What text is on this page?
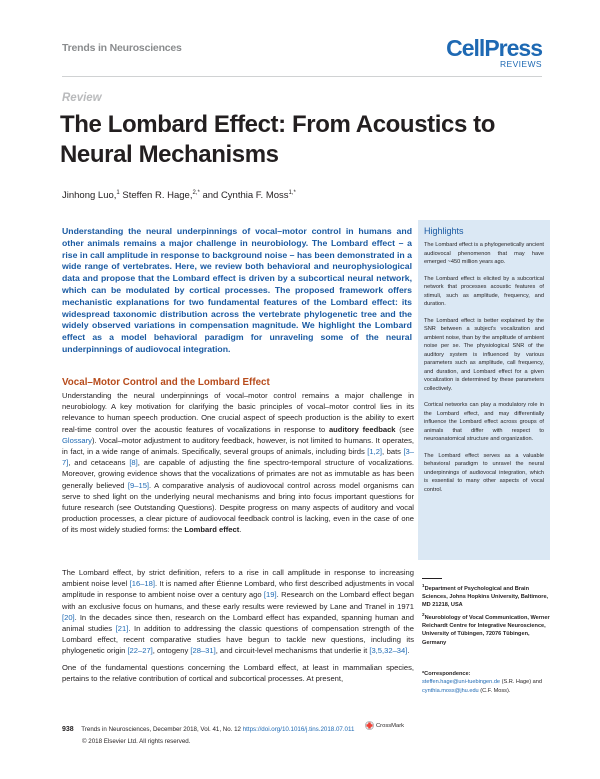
Trends in Neurosciences	CellPress
REVIEWS
Review
The Lombard Effect: From Acoustics to Neural Mechanisms
Jinhong Luo,$^1$ Steffen R. Hage,$^{2,*}$ and Cynthia F. Moss$^{1,*}$

Understanding the neural underpinnings of vocal–motor control in humans and other animals remains a major challenge in neurobiology. The Lombard effect – a rise in call amplitude in response to background noise – has been demonstrated in a wide range of vertebrates. Here, we review both behavioral and neurophysiological data and propose that the Lombard effect is driven by a subcortical neural network, which can be modulated by cortical processes. The proposed framework offers mechanistic explanations for two fundamental features of the Lombard effect: its widespread taxonomic distribution across the vertebrate phylogenetic tree and the widely observed variations in compensation magnitude. We highlight the Lombard effect as a model behavioral paradigm for unraveling some of the neural underpinnings of audiovocal integration.

Vocal–Motor Control and the Lombard Effect

Understanding the neural underpinnings of vocal–motor control remains a major challenge in neurobiology. A key motivation for clarifying the basic principles of vocal–motor control lies in its relevance to human speech production. One crucial aspect of speech production is the ability to exert real-time control over the acoustic features of vocalizations in response to auditory feedback (see Glossary). Vocal–motor adjustment to auditory feedback, however, is not limited to humans. It operates, in fact, in a wide range of animals. Specifically, several groups of animals, including birds [1,2], bats [3–7], and cetaceans [8], are capable of adjusting the fine spectro-temporal structure of vocalizations. Moreover, growing evidence shows that the vocalizations of primates are not as immutable as has been generally believed [9–15]. A comparative analysis of audiovocal control across model organisms can serve to shed light on the underlying neural mechanisms and bring into focus important questions for future research (see Outstanding Questions). Despite progress on many aspects of auditory and vocal production processes, a clear picture of audiovocal feedback control is lacking, even in the case of one of its most widely studied forms: the Lombard effect.

The Lombard effect, by strict definition, refers to a rise in call amplitude in response to increasing ambient noise level [16–18]. It is named after Étienne Lombard, who first described adjustments in vocal amplitude in response to ambient noise over a century ago [19]. Research on the Lombard effect began with an exclusive focus on humans, and these early results were reviewed by Lane and Tranel in 1971 [20]. In the decades since then, research on the Lombard effect has expanded, spanning human and animal studies [21]. In addition to addressing the classic questions of compensation strength of the Lombard effect, recent comparative studies have begun to tackle new questions, including its phylogenetic origin [22–27], ontogeny [28–31], and circuit-level mechanisms that underlie it [3,5,32–34].

One of the fundamental questions concerning the Lombard effect, at least in mammalian species, pertains to the relative contribution of cortical and subcortical processes. At present,

Highlights

The Lombard effect is a phylogenetically ancient audiovocal phenomenon that may have emerged ~450 million years ago.

The Lombard effect is elicited by a subcortical network that processes acoustic features of stimuli, such as amplitude, frequency, and duration.

The Lombard effect is better explained by the SNR between a subject's vocalization and ambient noise, than by the amplitude of ambient noise per se. The physiological SNR of the auditory system is influenced by various parameters such as amplitude, call frequency, and duration, and Lombard effect for a given vocalization is determined by these parameters collectively.

Cortical networks can play a modulatory role in the Lombard effect, and may differentially influence the Lombard effect across groups of animals that differ with respect to neuroanatomical structure and organization.

The Lombard effect serves as a valuable behavioral paradigm to unravel the neural underpinnings of audiovocal integration, which is essential to many other aspects of vocal control.

$^1$Department of Psychological and Brain Sciences, Johns Hopkins University, Baltimore, MD 21218, USA

$^2$Neurobiology of Vocal Communication, Werner Reichardt Centre for Integrative Neuroscience, University of Tübingen, 72076 Tübingen, Germany

*Correspondence:
steffen.hage@uni-tuebingen.de (S.R. Hage) and
cynthia.moss@jhu.edu (C.F. Moss).
938 Trends in Neurosciences, December 2018, Vol. 41, No. 12 https://doi.org/10.1016/j.tins.2018.07.011
© 2018 Elsevier Ltd. All rights reserved.
CrossMark
